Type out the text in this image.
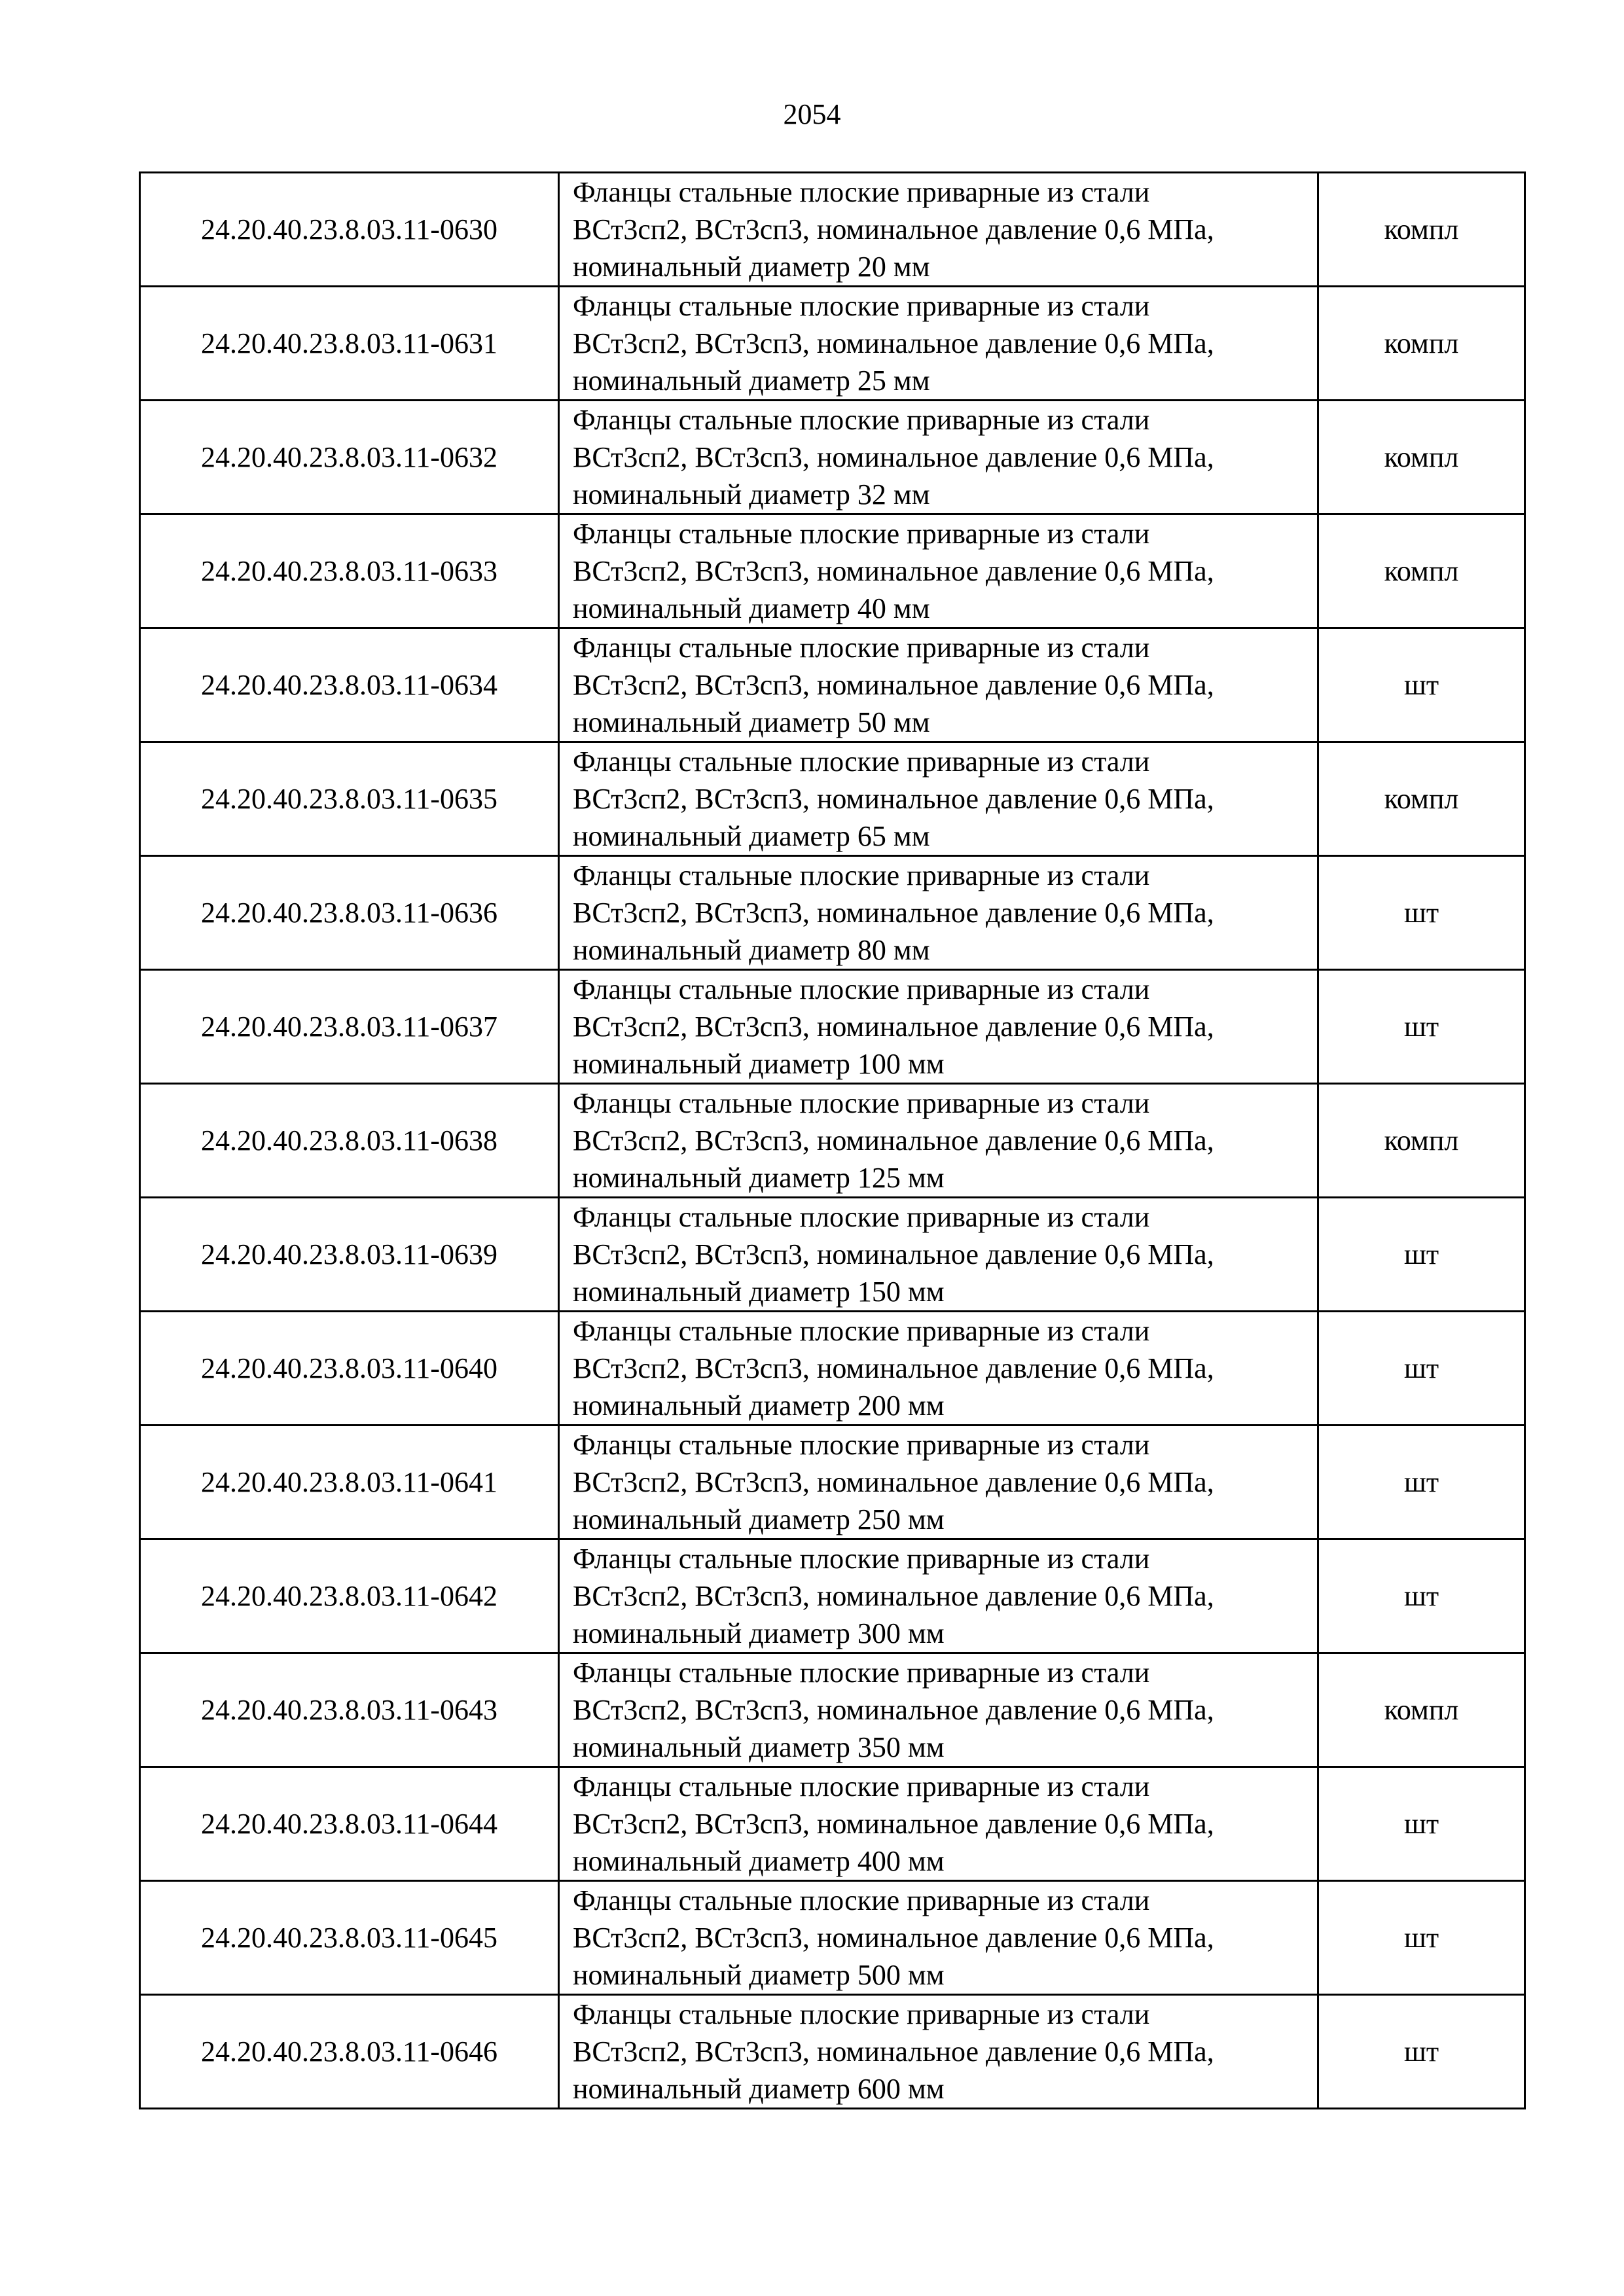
2054
24.20.40.23.8.03.11-0630	Фланцы стальные плоские приварные из стали
ВСт3сп2, ВСт3сп3, номинальное давление 0,6 МПа,
номинальный диаметр 20 мм	компл
24.20.40.23.8.03.11-0631	Фланцы стальные плоские приварные из стали
ВСт3сп2, ВСт3сп3, номинальное давление 0,6 МПа,
номинальный диаметр 25 мм	компл
24.20.40.23.8.03.11-0632	Фланцы стальные плоские приварные из стали
ВСт3сп2, ВСт3сп3, номинальное давление 0,6 МПа,
номинальный диаметр 32 мм	компл
24.20.40.23.8.03.11-0633	Фланцы стальные плоские приварные из стали
ВСт3сп2, ВСт3сп3, номинальное давление 0,6 МПа,
номинальный диаметр 40 мм	компл
24.20.40.23.8.03.11-0634	Фланцы стальные плоские приварные из стали
ВСт3сп2, ВСт3сп3, номинальное давление 0,6 МПа,
номинальный диаметр 50 мм	шт
24.20.40.23.8.03.11-0635	Фланцы стальные плоские приварные из стали
ВСт3сп2, ВСт3сп3, номинальное давление 0,6 МПа,
номинальный диаметр 65 мм	компл
24.20.40.23.8.03.11-0636	Фланцы стальные плоские приварные из стали
ВСт3сп2, ВСт3сп3, номинальное давление 0,6 МПа,
номинальный диаметр 80 мм	шт
24.20.40.23.8.03.11-0637	Фланцы стальные плоские приварные из стали
ВСт3сп2, ВСт3сп3, номинальное давление 0,6 МПа,
номинальный диаметр 100 мм	шт
24.20.40.23.8.03.11-0638	Фланцы стальные плоские приварные из стали
ВСт3сп2, ВСт3сп3, номинальное давление 0,6 МПа,
номинальный диаметр 125 мм	компл
24.20.40.23.8.03.11-0639	Фланцы стальные плоские приварные из стали
ВСт3сп2, ВСт3сп3, номинальное давление 0,6 МПа,
номинальный диаметр 150 мм	шт
24.20.40.23.8.03.11-0640	Фланцы стальные плоские приварные из стали
ВСт3сп2, ВСт3сп3, номинальное давление 0,6 МПа,
номинальный диаметр 200 мм	шт
24.20.40.23.8.03.11-0641	Фланцы стальные плоские приварные из стали
ВСт3сп2, ВСт3сп3, номинальное давление 0,6 МПа,
номинальный диаметр 250 мм	шт
24.20.40.23.8.03.11-0642	Фланцы стальные плоские приварные из стали
ВСт3сп2, ВСт3сп3, номинальное давление 0,6 МПа,
номинальный диаметр 300 мм	шт
24.20.40.23.8.03.11-0643	Фланцы стальные плоские приварные из стали
ВСт3сп2, ВСт3сп3, номинальное давление 0,6 МПа,
номинальный диаметр 350 мм	компл
24.20.40.23.8.03.11-0644	Фланцы стальные плоские приварные из стали
ВСт3сп2, ВСт3сп3, номинальное давление 0,6 МПа,
номинальный диаметр 400 мм	шт
24.20.40.23.8.03.11-0645	Фланцы стальные плоские приварные из стали
ВСт3сп2, ВСт3сп3, номинальное давление 0,6 МПа,
номинальный диаметр 500 мм	шт
24.20.40.23.8.03.11-0646	Фланцы стальные плоские приварные из стали
ВСт3сп2, ВСт3сп3, номинальное давление 0,6 МПа,
номинальный диаметр 600 мм	шт
